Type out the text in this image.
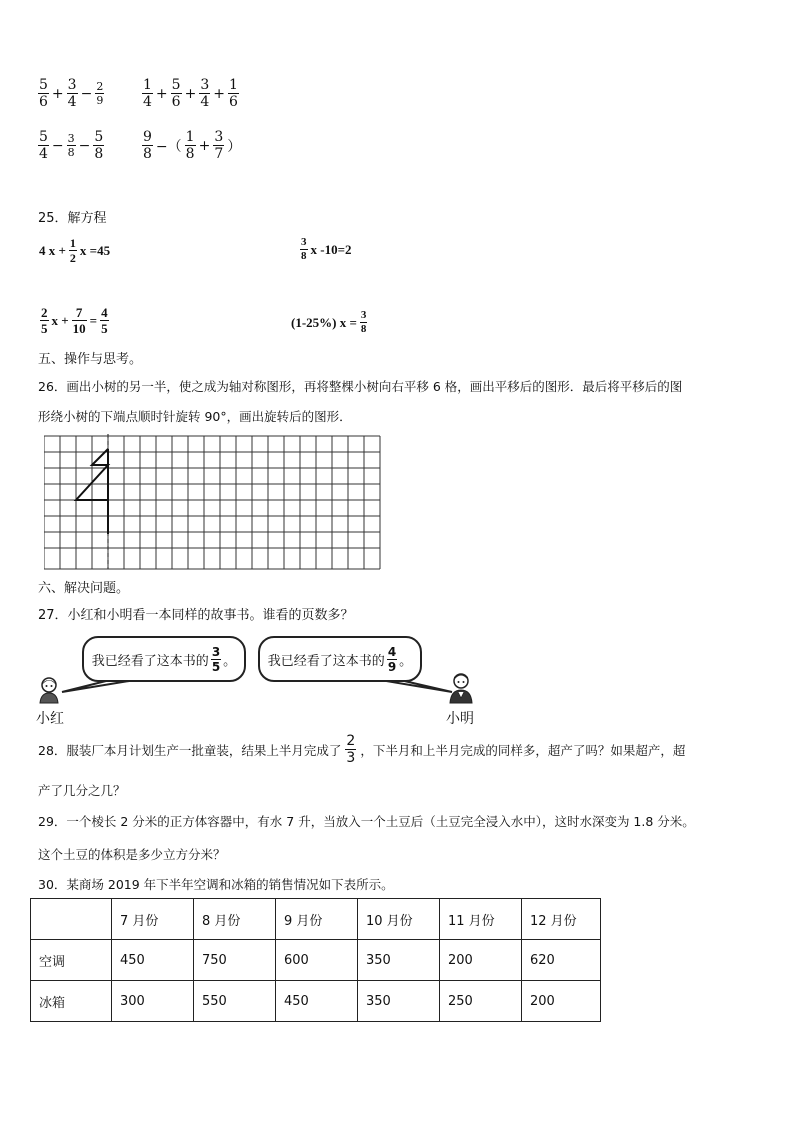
$\frac{5}{6} + \frac{3}{4} - \frac{2}{9}$	$\frac{1}{4} + \frac{5}{6} + \frac{3}{4} + \frac{1}{6}$
$\frac{5}{4} - \frac{3}{8} - \frac{5}{8}$	$\frac{9}{8}$ −（ $\frac{1}{8} + \frac{3}{7}$ ）
25．解方程
4 $x + \frac{1}{2}$ x =45	$\frac{3}{8}$ x -10=2
$\frac{2}{5}$ $x + \frac{7}{10} = \frac{4}{5}$	(1-25%) $x = \frac{3}{8}$
五、操作与思考。
26．画出小树的另一半，使之成为轴对称图形，再将整棵小树向右平移 6 格，画出平移后的图形．最后将平移后的图
形绕小树的下端点顺时针旋转 90°，画出旋转后的图形．
六、解决问题。
27．小红和小明看一本同样的故事书。谁看的页数多？
我已经看了这本书的 $\frac{3}{5}$ 。 我已经看了这本书的 $\frac{4}{9}$ 。
小红	小明
28．服装厂本月计划生产一批童装，结果上半月完成了 $\frac{2}{3}$ ，下半月和上半月完成的同样多，超产了吗？如果超产，超
产了几分之几？
29．一个棱长 2 分米的正方体容器中，有水 7 升，当放入一个土豆后（土豆完全浸入水中），这时水深变为 1.8 分米。
这个土豆的体积是多少立方分米？
30．某商场 2019 年下半年空调和冰箱的销售情况如下表所示。
	7 月份	8 月份	9 月份	10 月份	11 月份	12 月份
空调	450	750	600	350	200	620
冰箱	300	550	450	350	250	200
